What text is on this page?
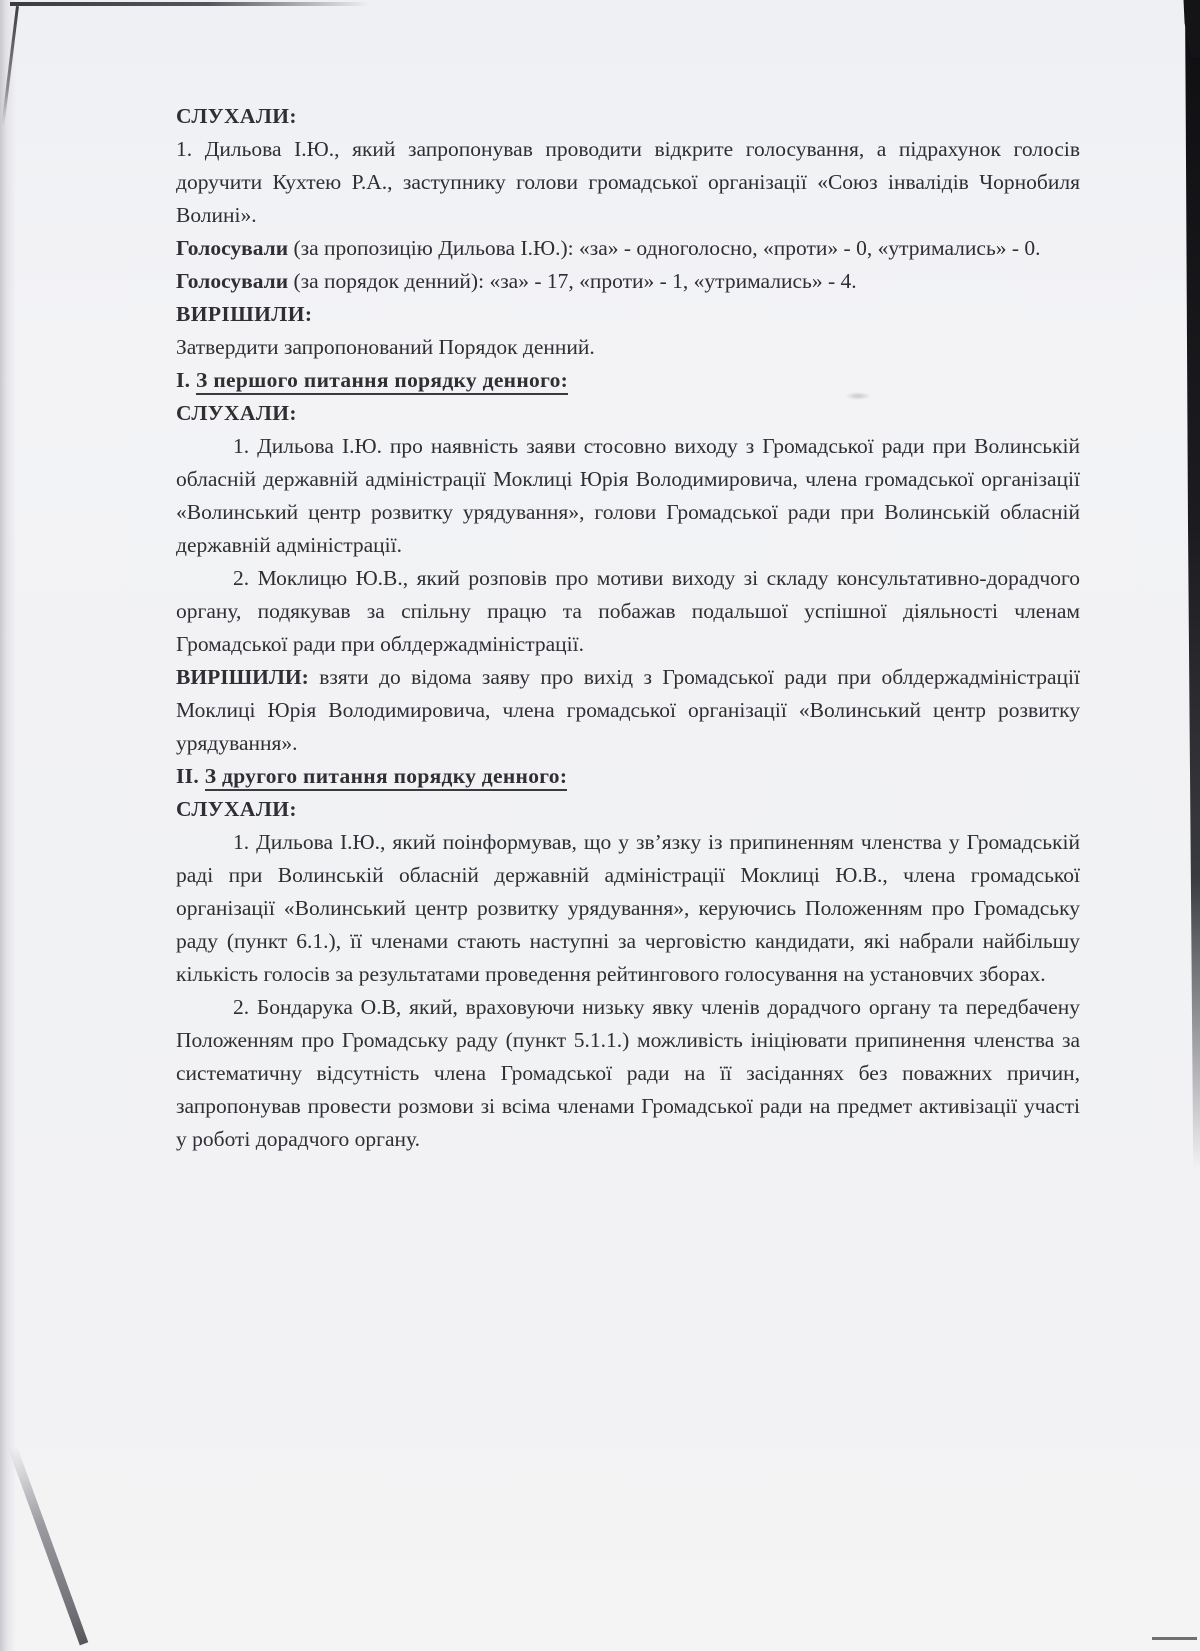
СЛУХАЛИ:

1. Дильова І.Ю., який запропонував проводити відкрите голосування, а підрахунок голосів доручити Кухтею Р.А., заступнику голови громадської організації «Союз інвалідів Чорнобиля Волині».

Голосували (за пропозицію Дильова І.Ю.): «за» - одноголосно, «проти» - 0, «утримались» - 0.

Голосували (за порядок денний): «за» - 17, «проти» - 1, «утримались» - 4.

ВИРІШИЛИ:

Затвердити запропонований Порядок денний.

І. З першого питання порядку денного:

СЛУХАЛИ:

1. Дильова І.Ю. про наявність заяви стосовно виходу з Громадської ради при Волинській обласній державній адміністрації Моклиці Юрія Володимировича, члена громадської організації «Волинський центр розвитку урядування», голови Громадської ради при Волинській обласній державній адміністрації.

2. Моклицю Ю.В., який розповів про мотиви виходу зі складу консультативно-дорадчого органу, подякував за спільну працю та побажав подальшої успішної діяльності членам Громадської ради при облдержадміністрації.

ВИРІШИЛИ: взяти до відома заяву про вихід з Громадської ради при облдержадміністрації Моклиці Юрія Володимировича, члена громадської організації «Волинський центр розвитку урядування».

ІІ. З другого питання порядку денного:

СЛУХАЛИ:

1. Дильова І.Ю., який поінформував, що у зв’язку із припиненням членства у Громадській раді при Волинській обласній державній адміністрації Моклиці Ю.В., члена громадської організації «Волинський центр розвитку урядування», керуючись Положенням про Громадську раду (пункт 6.1.), її членами стають наступні за черговістю кандидати, які набрали найбільшу кількість голосів за результатами проведення рейтингового голосування на установчих зборах.

2. Бондарука О.В, який, враховуючи низьку явку членів дорадчого органу та передбачену Положенням про Громадську раду (пункт 5.1.1.) можливість ініціювати припинення членства за систематичну відсутність члена Громадської ради на її засіданнях без поважних причин, запропонував провести розмови зі всіма членами Громадської ради на предмет активізації участі у роботі дорадчого органу.
